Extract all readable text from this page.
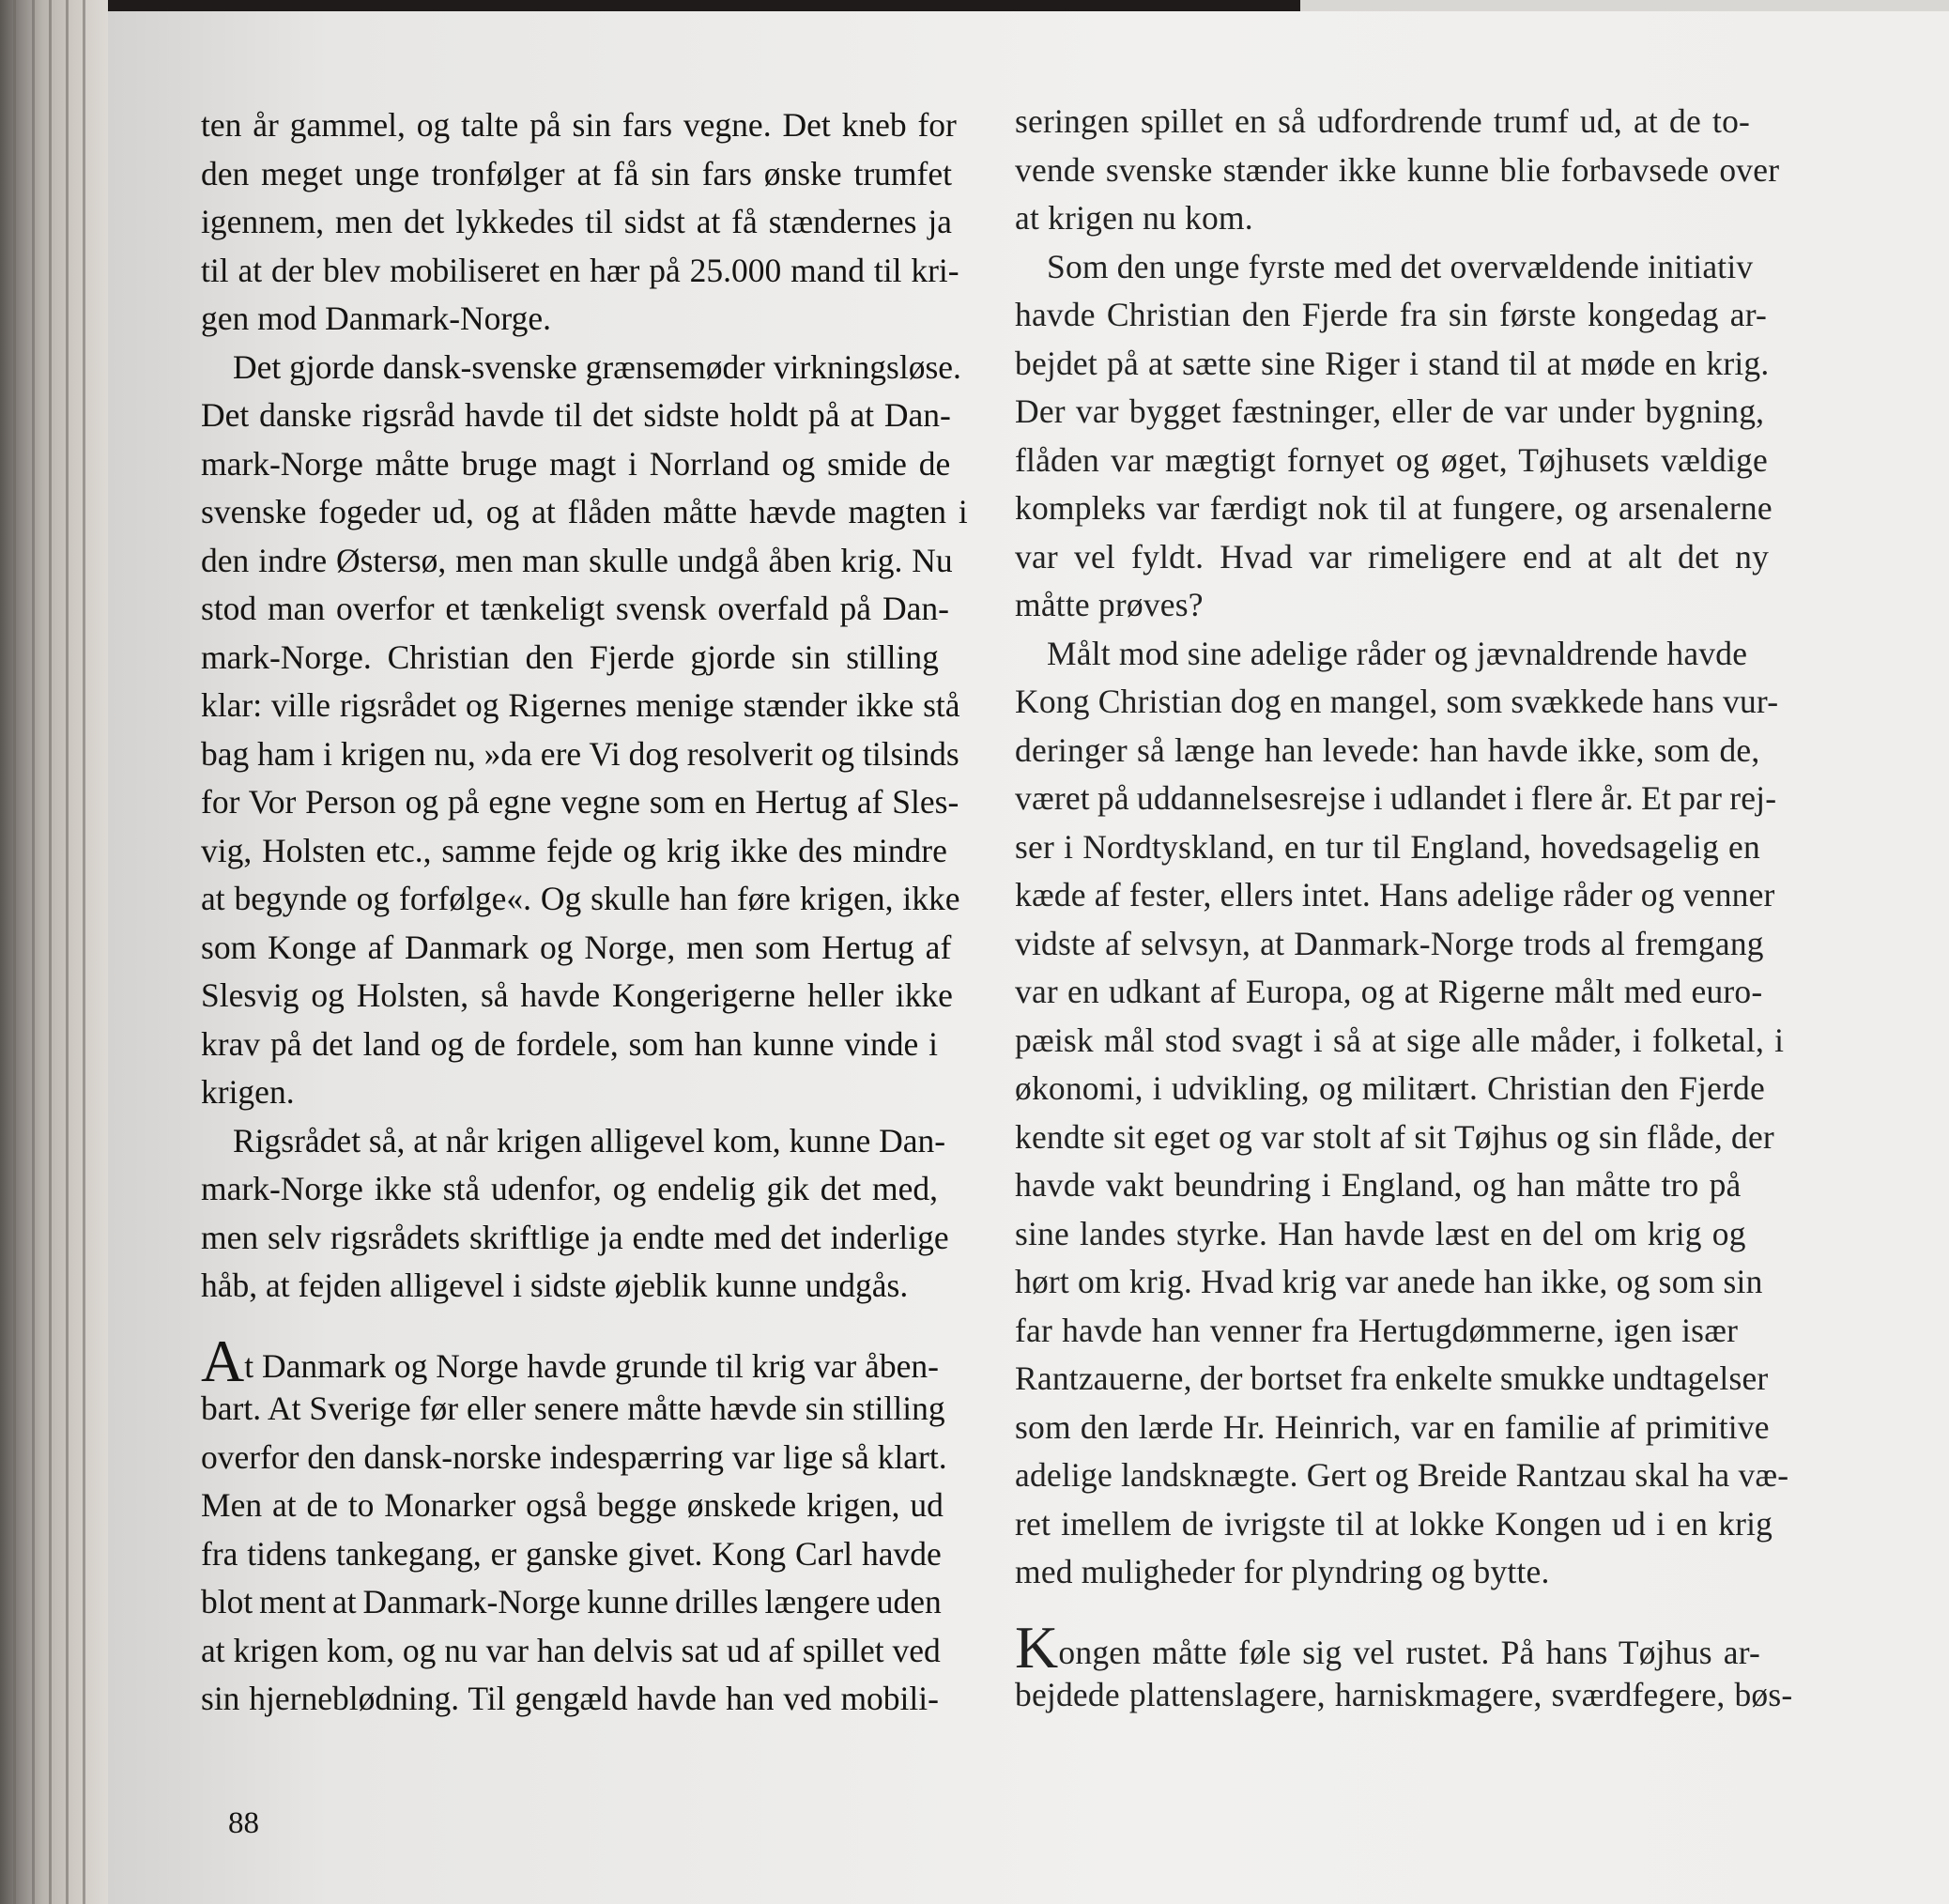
ten år gammel, og talte på sin fars vegne. Det kneb for
den meget unge tronfølger at få sin fars ønske trumfet
igennem, men det lykkedes til sidst at få stændernes ja
til at der blev mobiliseret en hær på 25.000 mand til kri-
gen mod Danmark-Norge.
Det gjorde dansk-svenske grænsemøder virkningsløse.
Det danske rigsråd havde til det sidste holdt på at Dan-
mark-Norge måtte bruge magt i Norrland og smide de
svenske fogeder ud, og at flåden måtte hævde magten i
den indre Østersø, men man skulle undgå åben krig. Nu
stod man overfor et tænkeligt svensk overfald på Dan-
mark-Norge. Christian den Fjerde gjorde sin stilling
klar: ville rigsrådet og Rigernes menige stænder ikke stå
bag ham i krigen nu, »da ere Vi dog resolverit og tilsinds
for Vor Person og på egne vegne som en Hertug af Sles-
vig, Holsten etc., samme fejde og krig ikke des mindre
at begynde og forfølge«. Og skulle han føre krigen, ikke
som Konge af Danmark og Norge, men som Hertug af
Slesvig og Holsten, så havde Kongerigerne heller ikke
krav på det land og de fordele, som han kunne vinde i
krigen.
Rigsrådet så, at når krigen alligevel kom, kunne Dan-
mark-Norge ikke stå udenfor, og endelig gik det med,
men selv rigsrådets skriftlige ja endte med det inderlige
håb, at fejden alligevel i sidste øjeblik kunne undgås.
At Danmark og Norge havde grunde til krig var åben-
bart. At Sverige før eller senere måtte hævde sin stilling
overfor den dansk-norske indespærring var lige så klart.
Men at de to Monarker også begge ønskede krigen, ud
fra tidens tankegang, er ganske givet. Kong Carl havde
blot ment at Danmark-Norge kunne drilles længere uden
at krigen kom, og nu var han delvis sat ud af spillet ved
sin hjerneblødning. Til gengæld havde han ved mobili-
seringen spillet en så udfordrende trumf ud, at de to-
vende svenske stænder ikke kunne blie forbavsede over
at krigen nu kom.
Som den unge fyrste med det overvældende initiativ
havde Christian den Fjerde fra sin første kongedag ar-
bejdet på at sætte sine Riger i stand til at møde en krig.
Der var bygget fæstninger, eller de var under bygning,
flåden var mægtigt fornyet og øget, Tøjhusets vældige
kompleks var færdigt nok til at fungere, og arsenalerne
var vel fyldt. Hvad var rimeligere end at alt det ny
måtte prøves?
Målt mod sine adelige råder og jævnaldrende havde
Kong Christian dog en mangel, som svækkede hans vur-
deringer så længe han levede: han havde ikke, som de,
været på uddannelsesrejse i udlandet i flere år. Et par rej-
ser i Nordtyskland, en tur til England, hovedsagelig en
kæde af fester, ellers intet. Hans adelige råder og venner
vidste af selvsyn, at Danmark-Norge trods al fremgang
var en udkant af Europa, og at Rigerne målt med euro-
pæisk mål stod svagt i så at sige alle måder, i folketal, i
økonomi, i udvikling, og militært. Christian den Fjerde
kendte sit eget og var stolt af sit Tøjhus og sin flåde, der
havde vakt beundring i England, og han måtte tro på
sine landes styrke. Han havde læst en del om krig og
hørt om krig. Hvad krig var anede han ikke, og som sin
far havde han venner fra Hertugdømmerne, igen især
Rantzauerne, der bortset fra enkelte smukke undtagelser
som den lærde Hr. Heinrich, var en familie af primitive
adelige landsknægte. Gert og Breide Rantzau skal ha væ-
ret imellem de ivrigste til at lokke Kongen ud i en krig
med muligheder for plyndring og bytte.
Kongen måtte føle sig vel rustet. På hans Tøjhus ar-
bejdede plattenslagere, harniskmagere, sværdfegere, bøs-
88
